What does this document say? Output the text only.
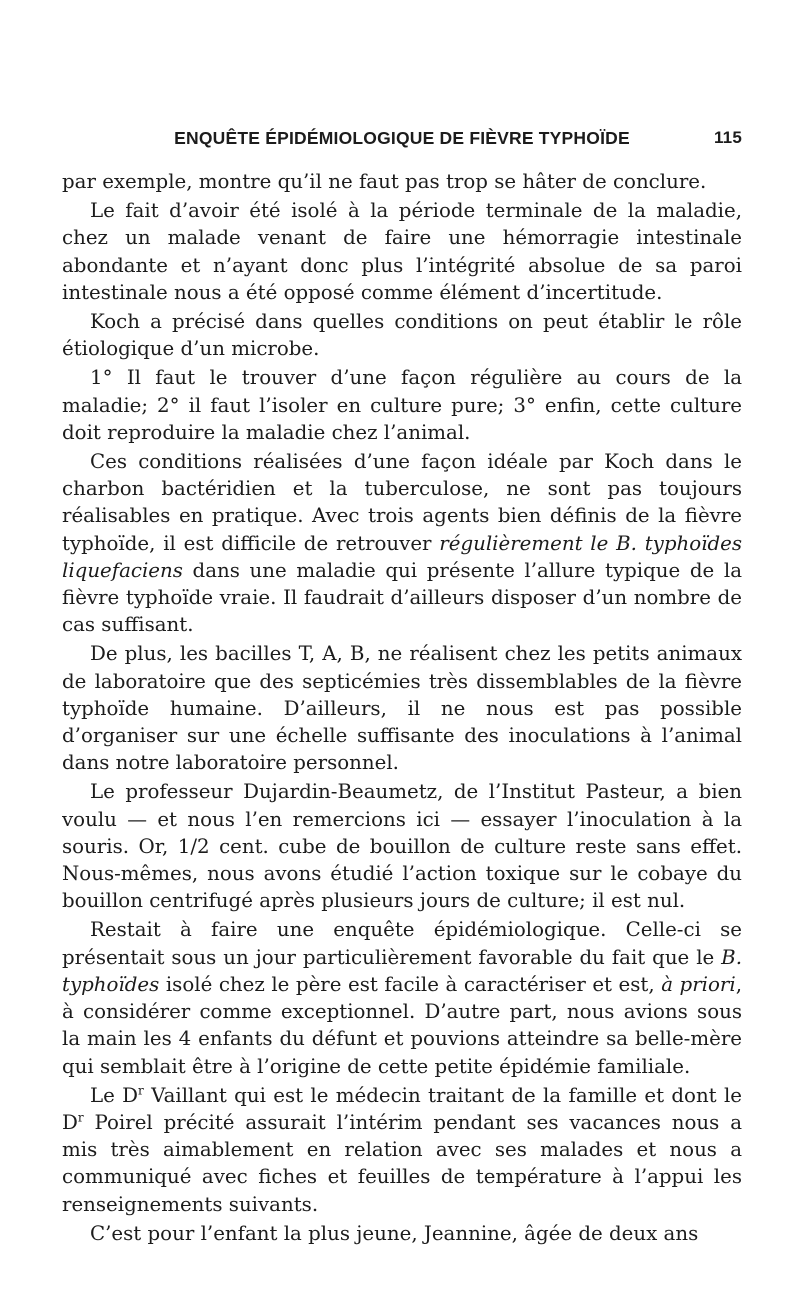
ENQUÊTE ÉPIDÉMIOLOGIQUE DE FIÈVRE TYPHOÏDE	115

par exemple, montre qu’il ne faut pas trop se hâter de conclure.

Le fait d’avoir été isolé à la période terminale de la maladie, chez un malade venant de faire une hémorragie intestinale abondante et n’ayant donc plus l’intégrité absolue de sa paroi intestinale nous a été opposé comme élément d’incertitude.

Koch a précisé dans quelles conditions on peut établir le rôle étiologique d’un microbe.

1° Il faut le trouver d’une façon régulière au cours de la maladie; 2° il faut l’isoler en culture pure; 3° enfin, cette culture doit reproduire la maladie chez l’animal.

Ces conditions réalisées d’une façon idéale par Koch dans le charbon bactéridien et la tuberculose, ne sont pas toujours réalisables en pratique. Avec trois agents bien définis de la fièvre typhoïde, il est difficile de retrouver régulièrement le B. typhoïdes liquefaciens dans une maladie qui présente l’allure typique de la fièvre typhoïde vraie. Il faudrait d’ailleurs disposer d’un nombre de cas suffisant.

De plus, les bacilles T, A, B, ne réalisent chez les petits animaux de laboratoire que des septicémies très dissemblables de la fièvre typhoïde humaine. D’ailleurs, il ne nous est pas possible d’organiser sur une échelle suffisante des inoculations à l’animal dans notre laboratoire personnel.

Le professeur Dujardin-Beaumetz, de l’Institut Pasteur, a bien voulu — et nous l’en remercions ici — essayer l’inoculation à la souris. Or, 1/2 cent. cube de bouillon de culture reste sans effet. Nous-mêmes, nous avons étudié l’action toxique sur le cobaye du bouillon centrifugé après plusieurs jours de culture; il est nul.

Restait à faire une enquête épidémiologique. Celle-ci se présentait sous un jour particulièrement favorable du fait que le B. typhoïdes isolé chez le père est facile à caractériser et est, à priori, à considérer comme exceptionnel. D’autre part, nous avions sous la main les 4 enfants du défunt et pouvions atteindre sa belle-mère qui semblait être à l’origine de cette petite épidémie familiale.

Le $D^r$ Vaillant qui est le médecin traitant de la famille et dont le $D^r$ Poirel précité assurait l’intérim pendant ses vacances nous a mis très aimablement en relation avec ses malades et nous a communiqué avec fiches et feuilles de température à l’appui les renseignements suivants.

C’est pour l’enfant la plus jeune, Jeannine, âgée de deux ans
